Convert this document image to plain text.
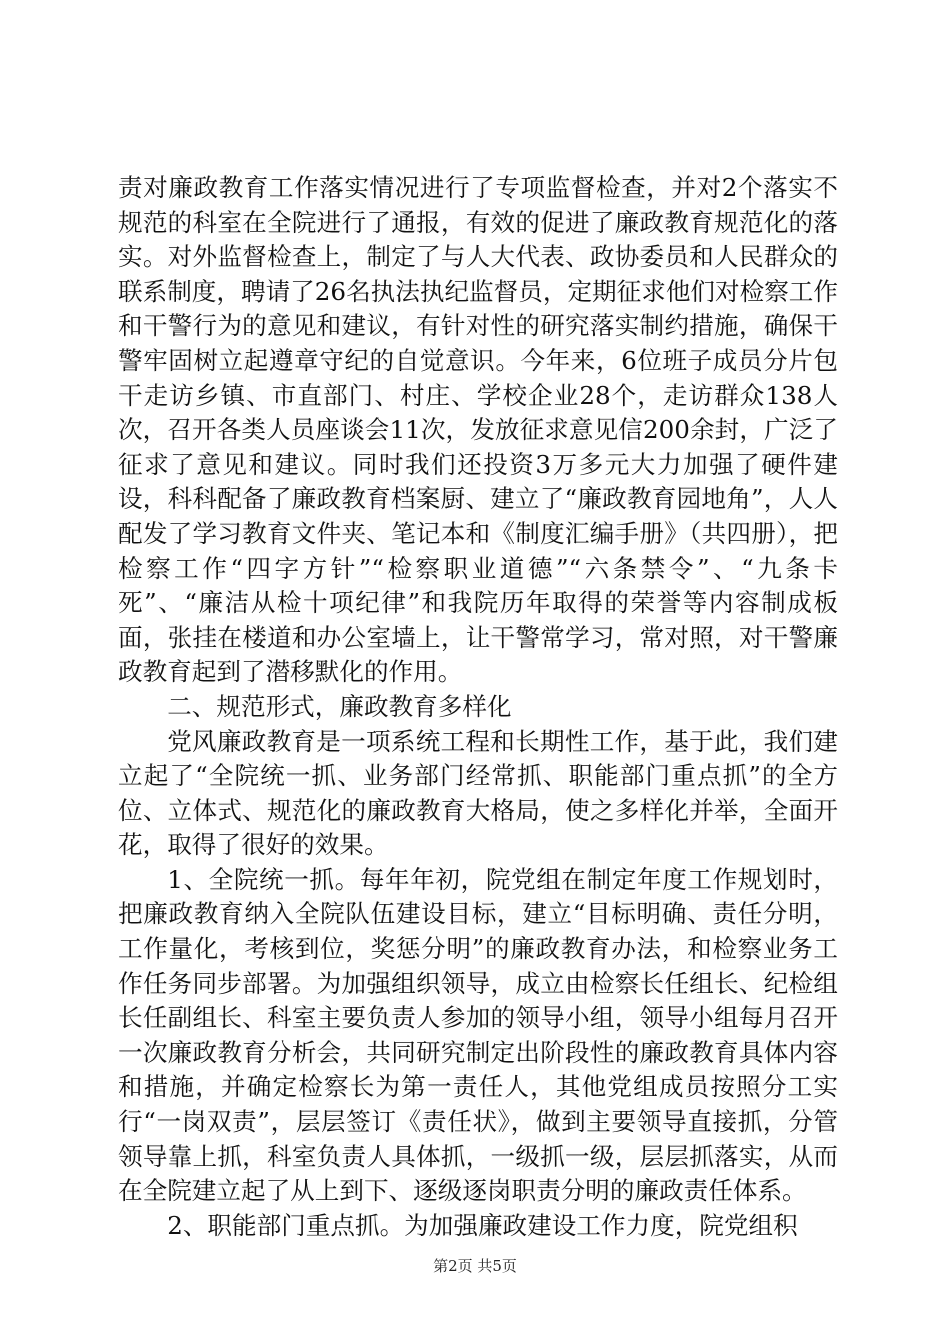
责对廉政教育工作落实情况进行了专项监督检查，并对2个落实不规范的科室在全院进行了通报，有效的促进了廉政教育规范化的落实。对外监督检查上，制定了与人大代表、政协委员和人民群众的联系制度，聘请了26名执法执纪监督员，定期征求他们对检察工作和干警行为的意见和建议，有针对性的研究落实制约措施，确保干警牢固树立起遵章守纪的自觉意识。今年来，6位班子成员分片包干走访乡镇、市直部门、村庄、学校企业28个，走访群众138人次，召开各类人员座谈会11次，发放征求意见信200余封，广泛了征求了意见和建议。同时我们还投资3万多元大力加强了硬件建设，科科配备了廉政教育档案厨、建立了“廉政教育园地角”，人人配发了学习教育文件夹、笔记本和《制度汇编手册》（共四册），把检察工作“四字方针”“检察职业道德”“六条禁令”、“九条卡死”、“廉洁从检十项纪律”和我院历年取得的荣誉等内容制成板面，张挂在楼道和办公室墙上，让干警常学习，常对照，对干警廉政教育起到了潜移默化的作用。

二、规范形式，廉政教育多样化

党风廉政教育是一项系统工程和长期性工作，基于此，我们建立起了“全院统一抓、业务部门经常抓、职能部门重点抓”的全方位、立体式、规范化的廉政教育大格局，使之多样化并举，全面开花，取得了很好的效果。

1、全院统一抓。每年年初，院党组在制定年度工作规划时，把廉政教育纳入全院队伍建设目标，建立“目标明确、责任分明，工作量化，考核到位，奖惩分明”的廉政教育办法，和检察业务工作任务同步部署。为加强组织领导，成立由检察长任组长、纪检组长任副组长、科室主要负责人参加的领导小组，领导小组每月召开一次廉政教育分析会，共同研究制定出阶段性的廉政教育具体内容和措施，并确定检察长为第一责任人，其他党组成员按照分工实行“一岗双责”，层层签订《责任状》，做到主要领导直接抓，分管领导靠上抓，科室负责人具体抓，一级抓一级，层层抓落实，从而在全院建立起了从上到下、逐级逐岗职责分明的廉政责任体系。

2、职能部门重点抓。为加强廉政建设工作力度，院党组积

第2页 共5页
